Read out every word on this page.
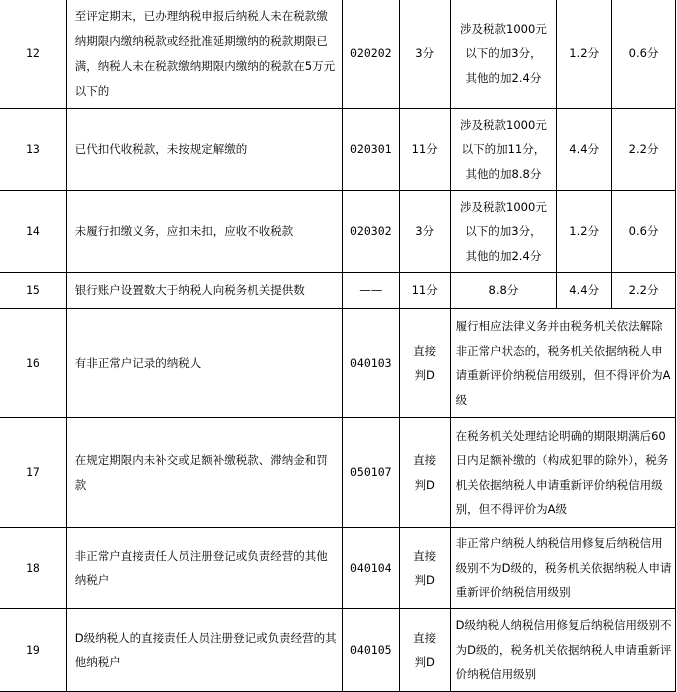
12	至评定期末，已办理纳税申报后纳税人未在税款缴纳期限内缴纳税款或经批准延期缴纳的税款期限已满，纳税人未在税款缴纳期限内缴纳的税款在5万元以下的	020202	3分	涉及税款1000元
以下的加3分，
其他的加2.4分	1.2分	0.6分
13	已代扣代收税款，未按规定解缴的	020301	11分	涉及税款1000元
以下的加11分，
其他的加8.8分	4.4分	2.2分
14	未履行扣缴义务，应扣未扣，应收不收税款	020302	3分	涉及税款1000元
以下的加3分，
其他的加2.4分	1.2分	0.6分
15	银行账户设置数大于纳税人向税务机关提供数	——	11分	8.8分	4.4分	2.2分
16	有非正常户记录的纳税人	040103	直接
判D	履行相应法律义务并由税务机关依法解除非正常户状态的，税务机关依据纳税人申请重新评价纳税信用级别，但不得评价为A级		
17	在规定期限内未补交或足额补缴税款、滞纳金和罚款	050107	直接
判D	在税务机关处理结论明确的期限期满后60日内足额补缴的（构成犯罪的除外），税务机关依据纳税人申请重新评价纳税信用级别，但不得评价为A级		
18	非正常户直接责任人员注册登记或负责经营的其他纳税户	040104	直接
判D	非正常户纳税人纳税信用修复后纳税信用级别不为D级的，税务机关依据纳税人申请重新评价纳税信用级别		
19	D级纳税人的直接责任人员注册登记或负责经营的其他纳税户	040105	直接
判D	D级纳税人纳税信用修复后纳税信用级别不为D级的，税务机关依据纳税人申请重新评价纳税信用级别		
